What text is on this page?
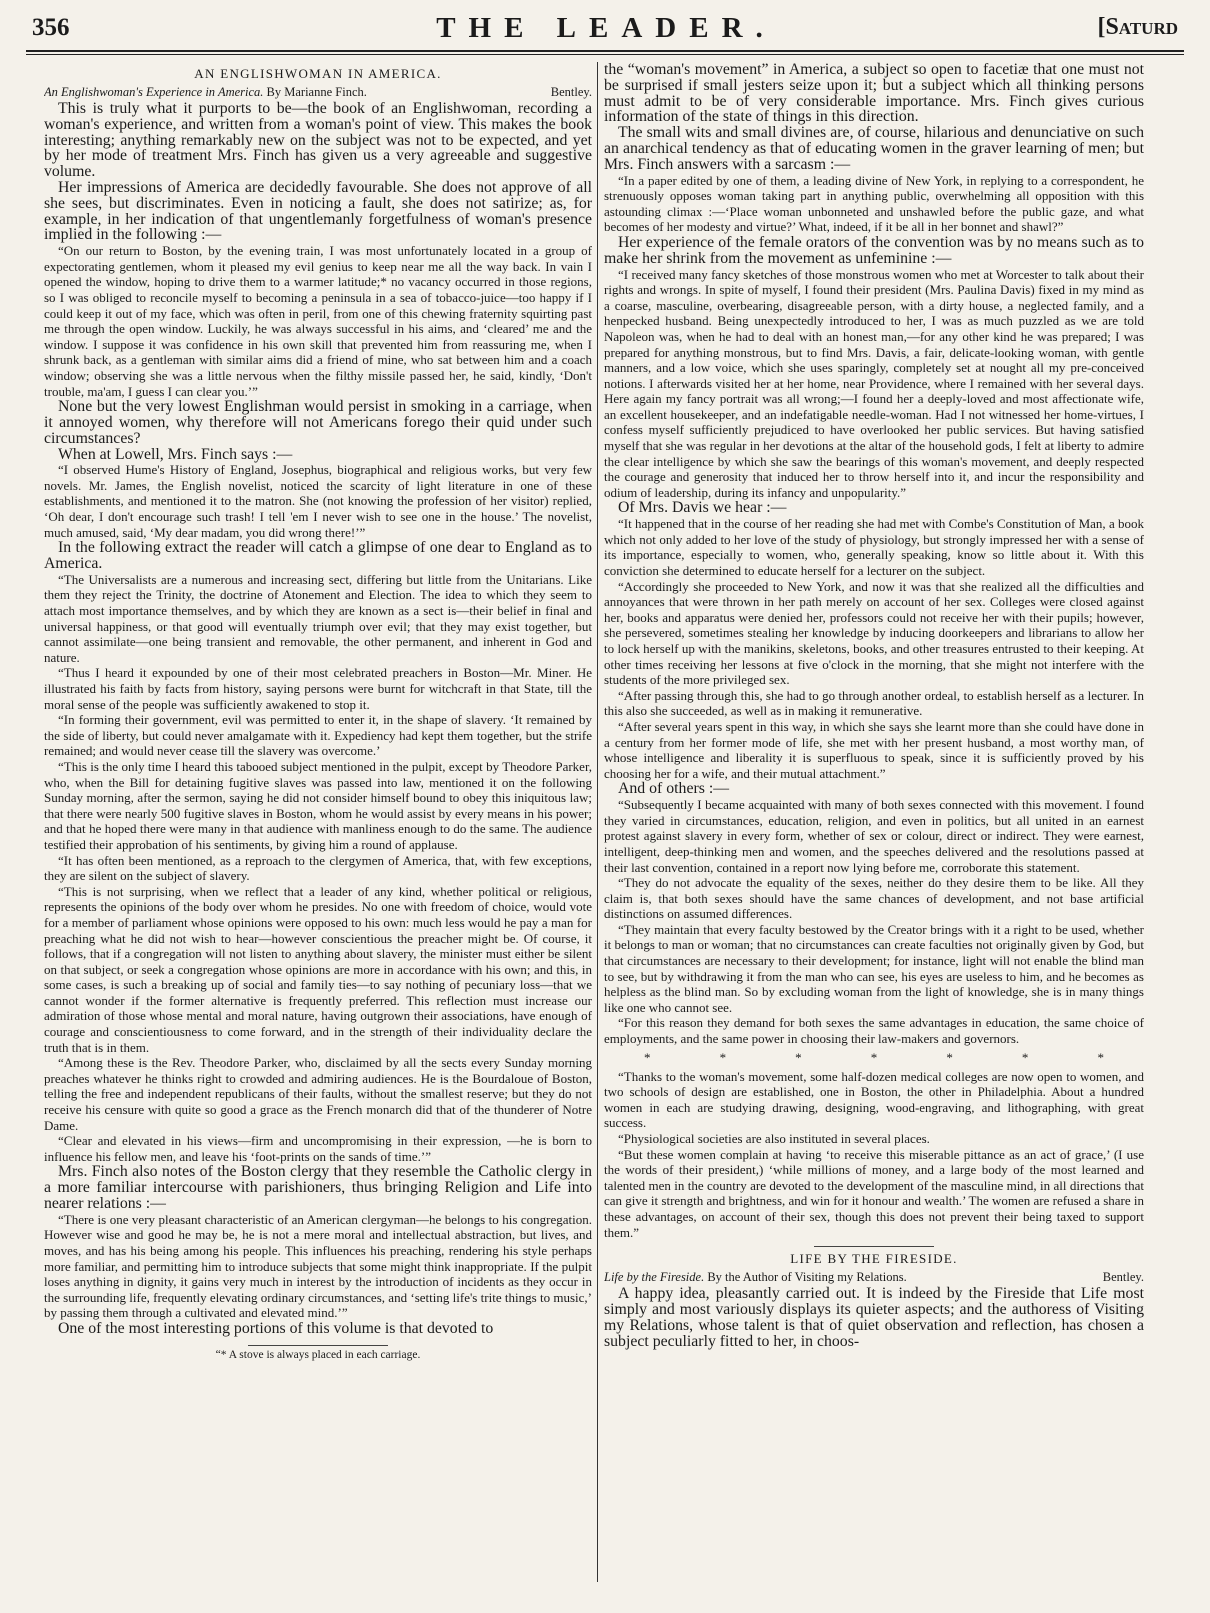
356	THE LEADER.	[Saturd

AN ENGLISHWOMAN IN AMERICA.

An Englishwoman's Experience in America. By Marianne Finch.	Bentley.

This is truly what it purports to be—the book of an Englishwoman, recording a woman's experience, and written from a woman's point of view. This makes the book interesting; anything remarkably new on the subject was not to be expected, and yet by her mode of treatment Mrs. Finch has given us a very agreeable and suggestive volume.

Her impressions of America are decidedly favourable. She does not approve of all she sees, but discriminates. Even in noticing a fault, she does not satirize; as, for example, in her indication of that ungentlemanly forgetfulness of woman's presence implied in the following :—

“On our return to Boston, by the evening train, I was most unfortunately located in a group of expectorating gentlemen, whom it pleased my evil genius to keep near me all the way back. In vain I opened the window, hoping to drive them to a warmer latitude;* no vacancy occurred in those regions, so I was obliged to reconcile myself to becoming a peninsula in a sea of tobacco-juice—too happy if I could keep it out of my face, which was often in peril, from one of this chewing fraternity squirting past me through the open window. Luckily, he was always successful in his aims, and ‘cleared’ me and the window. I suppose it was confidence in his own skill that prevented him from reassuring me, when I shrunk back, as a gentleman with similar aims did a friend of mine, who sat between him and a coach window; observing she was a little nervous when the filthy missile passed her, he said, kindly, ‘Don't trouble, ma'am, I guess I can clear you.’”

None but the very lowest Englishman would persist in smoking in a carriage, when it annoyed women, why therefore will not Americans forego their quid under such circumstances?

When at Lowell, Mrs. Finch says :—

“I observed Hume's History of England, Josephus, biographical and religious works, but very few novels. Mr. James, the English novelist, noticed the scarcity of light literature in one of these establishments, and mentioned it to the matron. She (not knowing the profession of her visitor) replied, ‘Oh dear, I don't encourage such trash! I tell 'em I never wish to see one in the house.’ The novelist, much amused, said, ‘My dear madam, you did wrong there!’”

In the following extract the reader will catch a glimpse of one dear to England as to America.

“The Universalists are a numerous and increasing sect, differing but little from the Unitarians. Like them they reject the Trinity, the doctrine of Atonement and Election. The idea to which they seem to attach most importance themselves, and by which they are known as a sect is—their belief in final and universal happiness, or that good will eventually triumph over evil; that they may exist together, but cannot assimilate—one being transient and removable, the other permanent, and inherent in God and nature.

“Thus I heard it expounded by one of their most celebrated preachers in Boston—Mr. Miner. He illustrated his faith by facts from history, saying persons were burnt for witchcraft in that State, till the moral sense of the people was sufficiently awakened to stop it.

“In forming their government, evil was permitted to enter it, in the shape of slavery. ‘It remained by the side of liberty, but could never amalgamate with it. Expediency had kept them together, but the strife remained; and would never cease till the slavery was overcome.’

“This is the only time I heard this tabooed subject mentioned in the pulpit, except by Theodore Parker, who, when the Bill for detaining fugitive slaves was passed into law, mentioned it on the following Sunday morning, after the sermon, saying he did not consider himself bound to obey this iniquitous law; that there were nearly 500 fugitive slaves in Boston, whom he would assist by every means in his power; and that he hoped there were many in that audience with manliness enough to do the same. The audience testified their approbation of his sentiments, by giving him a round of applause.

“It has often been mentioned, as a reproach to the clergymen of America, that, with few exceptions, they are silent on the subject of slavery.

“This is not surprising, when we reflect that a leader of any kind, whether political or religious, represents the opinions of the body over whom he presides. No one with freedom of choice, would vote for a member of parliament whose opinions were opposed to his own: much less would he pay a man for preaching what he did not wish to hear—however conscientious the preacher might be. Of course, it follows, that if a congregation will not listen to anything about slavery, the minister must either be silent on that subject, or seek a congregation whose opinions are more in accordance with his own; and this, in some cases, is such a breaking up of social and family ties—to say nothing of pecuniary loss—that we cannot wonder if the former alternative is frequently preferred. This reflection must increase our admiration of those whose mental and moral nature, having outgrown their associations, have enough of courage and conscientiousness to come forward, and in the strength of their individuality declare the truth that is in them.

“Among these is the Rev. Theodore Parker, who, disclaimed by all the sects every Sunday morning preaches whatever he thinks right to crowded and admiring audiences. He is the Bourdaloue of Boston, telling the free and independent republicans of their faults, without the smallest reserve; but they do not receive his censure with quite so good a grace as the French monarch did that of the thunderer of Notre Dame.

“Clear and elevated in his views—firm and uncompromising in their expression, —he is born to influence his fellow men, and leave his ‘foot-prints on the sands of time.’”

Mrs. Finch also notes of the Boston clergy that they resemble the Catholic clergy in a more familiar intercourse with parishioners, thus bringing Religion and Life into nearer relations :—

“There is one very pleasant characteristic of an American clergyman—he belongs to his congregation. However wise and good he may be, he is not a mere moral and intellectual abstraction, but lives, and moves, and has his being among his people. This influences his preaching, rendering his style perhaps more familiar, and permitting him to introduce subjects that some might think inappropriate. If the pulpit loses anything in dignity, it gains very much in interest by the introduction of incidents as they occur in the surrounding life, frequently elevating ordinary circumstances, and ‘setting life's trite things to music,’ by passing them through a cultivated and elevated mind.’”

One of the most interesting portions of this volume is that devoted to

“* A stove is always placed in each carriage.

the “woman's movement” in America, a subject so open to facetiæ that one must not be surprised if small jesters seize upon it; but a subject which all thinking persons must admit to be of very considerable importance. Mrs. Finch gives curious information of the state of things in this direction.

The small wits and small divines are, of course, hilarious and denunciative on such an anarchical tendency as that of educating women in the graver learning of men; but Mrs. Finch answers with a sarcasm :—

“In a paper edited by one of them, a leading divine of New York, in replying to a correspondent, he strenuously opposes woman taking part in anything public, overwhelming all opposition with this astounding climax :—‘Place woman unbonneted and unshawled before the public gaze, and what becomes of her modesty and virtue?’ What, indeed, if it be all in her bonnet and shawl?”

Her experience of the female orators of the convention was by no means such as to make her shrink from the movement as unfeminine :—

“I received many fancy sketches of those monstrous women who met at Worcester to talk about their rights and wrongs. In spite of myself, I found their president (Mrs. Paulina Davis) fixed in my mind as a coarse, masculine, overbearing, disagreeable person, with a dirty house, a neglected family, and a henpecked husband. Being unexpectedly introduced to her, I was as much puzzled as we are told Napoleon was, when he had to deal with an honest man,—for any other kind he was prepared; I was prepared for anything monstrous, but to find Mrs. Davis, a fair, delicate-looking woman, with gentle manners, and a low voice, which she uses sparingly, completely set at nought all my pre-conceived notions. I afterwards visited her at her home, near Providence, where I remained with her several days. Here again my fancy portrait was all wrong;—I found her a deeply-loved and most affectionate wife, an excellent housekeeper, and an indefatigable needle-woman. Had I not witnessed her home-virtues, I confess myself sufficiently prejudiced to have overlooked her public services. But having satisfied myself that she was regular in her devotions at the altar of the household gods, I felt at liberty to admire the clear intelligence by which she saw the bearings of this woman's movement, and deeply respected the courage and generosity that induced her to throw herself into it, and incur the responsibility and odium of leadership, during its infancy and unpopularity.”

Of Mrs. Davis we hear :—

“It happened that in the course of her reading she had met with Combe's Constitution of Man, a book which not only added to her love of the study of physiology, but strongly impressed her with a sense of its importance, especially to women, who, generally speaking, know so little about it. With this conviction she determined to educate herself for a lecturer on the subject.

“Accordingly she proceeded to New York, and now it was that she realized all the difficulties and annoyances that were thrown in her path merely on account of her sex. Colleges were closed against her, books and apparatus were denied her, professors could not receive her with their pupils; however, she persevered, sometimes stealing her knowledge by inducing doorkeepers and librarians to allow her to lock herself up with the manikins, skeletons, books, and other treasures entrusted to their keeping. At other times receiving her lessons at five o'clock in the morning, that she might not interfere with the students of the more privileged sex.

“After passing through this, she had to go through another ordeal, to establish herself as a lecturer. In this also she succeeded, as well as in making it remunerative.

“After several years spent in this way, in which she says she learnt more than she could have done in a century from her former mode of life, she met with her present husband, a most worthy man, of whose intelligence and liberality it is superfluous to speak, since it is sufficiently proved by his choosing her for a wife, and their mutual attachment.”

And of others :—

“Subsequently I became acquainted with many of both sexes connected with this movement. I found they varied in circumstances, education, religion, and even in politics, but all united in an earnest protest against slavery in every form, whether of sex or colour, direct or indirect. They were earnest, intelligent, deep-thinking men and women, and the speeches delivered and the resolutions passed at their last convention, contained in a report now lying before me, corroborate this statement.

“They do not advocate the equality of the sexes, neither do they desire them to be like. All they claim is, that both sexes should have the same chances of development, and not base artificial distinctions on assumed differences.

“They maintain that every faculty bestowed by the Creator brings with it a right to be used, whether it belongs to man or woman; that no circumstances can create faculties not originally given by God, but that circumstances are necessary to their development; for instance, light will not enable the blind man to see, but by withdrawing it from the man who can see, his eyes are useless to him, and he becomes as helpless as the blind man. So by excluding woman from the light of knowledge, she is in many things like one who cannot see.

“For this reason they demand for both sexes the same advantages in education, the same choice of employments, and the same power in choosing their law-makers and governors.

* * * * * * *

“Thanks to the woman's movement, some half-dozen medical colleges are now open to women, and two schools of design are established, one in Boston, the other in Philadelphia. About a hundred women in each are studying drawing, designing, wood-engraving, and lithographing, with great success.

“Physiological societies are also instituted in several places.

“But these women complain at having ‘to receive this miserable pittance as an act of grace,’ (I use the words of their president,) ‘while millions of money, and a large body of the most learned and talented men in the country are devoted to the development of the masculine mind, in all directions that can give it strength and brightness, and win for it honour and wealth.’ The women are refused a share in these advantages, on account of their sex, though this does not prevent their being taxed to support them.”

LIFE BY THE FIRESIDE.

Life by the Fireside. By the Author of Visiting my Relations.	Bentley.

A happy idea, pleasantly carried out. It is indeed by the Fireside that Life most simply and most variously displays its quieter aspects; and the authoress of Visiting my Relations, whose talent is that of quiet observation and reflection, has chosen a subject peculiarly fitted to her, in choos-
